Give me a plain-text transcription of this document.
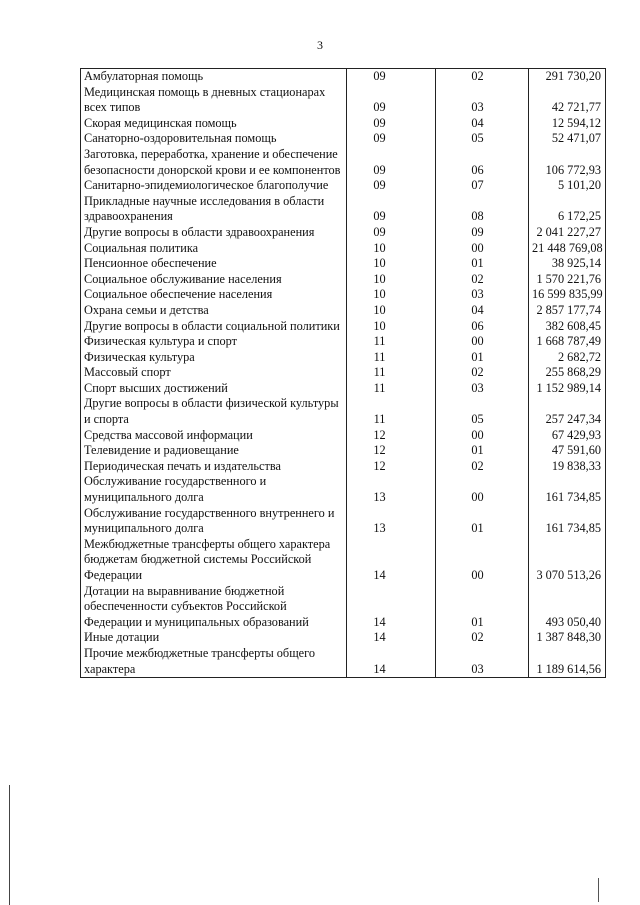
3
Амбулаторная помощь	09	02	291 730,20
Медицинская помощь в дневных стационарах всех типов	09	03	42 721,77
Скорая медицинская помощь	09	04	12 594,12
Санаторно-оздоровительная помощь	09	05	52 471,07
Заготовка, переработка, хранение и обеспечение безопасности донорской крови и ее компонентов	09	06	106 772,93
Санитарно-эпидемиологическое благополучие	09	07	5 101,20
Прикладные научные исследования в области здравоохранения	09	08	6 172,25
Другие вопросы в области здравоохранения	09	09	2 041 227,27
Социальная политика	10	00	21 448 769,08
Пенсионное обеспечение	10	01	38 925,14
Социальное обслуживание населения	10	02	1 570 221,76
Социальное обеспечение населения	10	03	16 599 835,99
Охрана семьи и детства	10	04	2 857 177,74
Другие вопросы в области социальной политики	10	06	382 608,45
Физическая культура и спорт	11	00	1 668 787,49
Физическая культура	11	01	2 682,72
Массовый спорт	11	02	255 868,29
Спорт высших достижений	11	03	1 152 989,14
Другие вопросы в области физической культуры и спорта	11	05	257 247,34
Средства массовой информации	12	00	67 429,93
Телевидение и радиовещание	12	01	47 591,60
Периодическая печать и издательства	12	02	19 838,33
Обслуживание государственного и муниципального долга	13	00	161 734,85
Обслуживание государственного внутреннего и муниципального долга	13	01	161 734,85
Межбюджетные трансферты общего характера бюджетам бюджетной системы Российской Федерации	14	00	3 070 513,26
Дотации на выравнивание бюджетной обеспеченности субъектов Российской Федерации и муниципальных образований	14	01	493 050,40
Иные дотации	14	02	1 387 848,30
Прочие межбюджетные трансферты общего характера	14	03	1 189 614,56
